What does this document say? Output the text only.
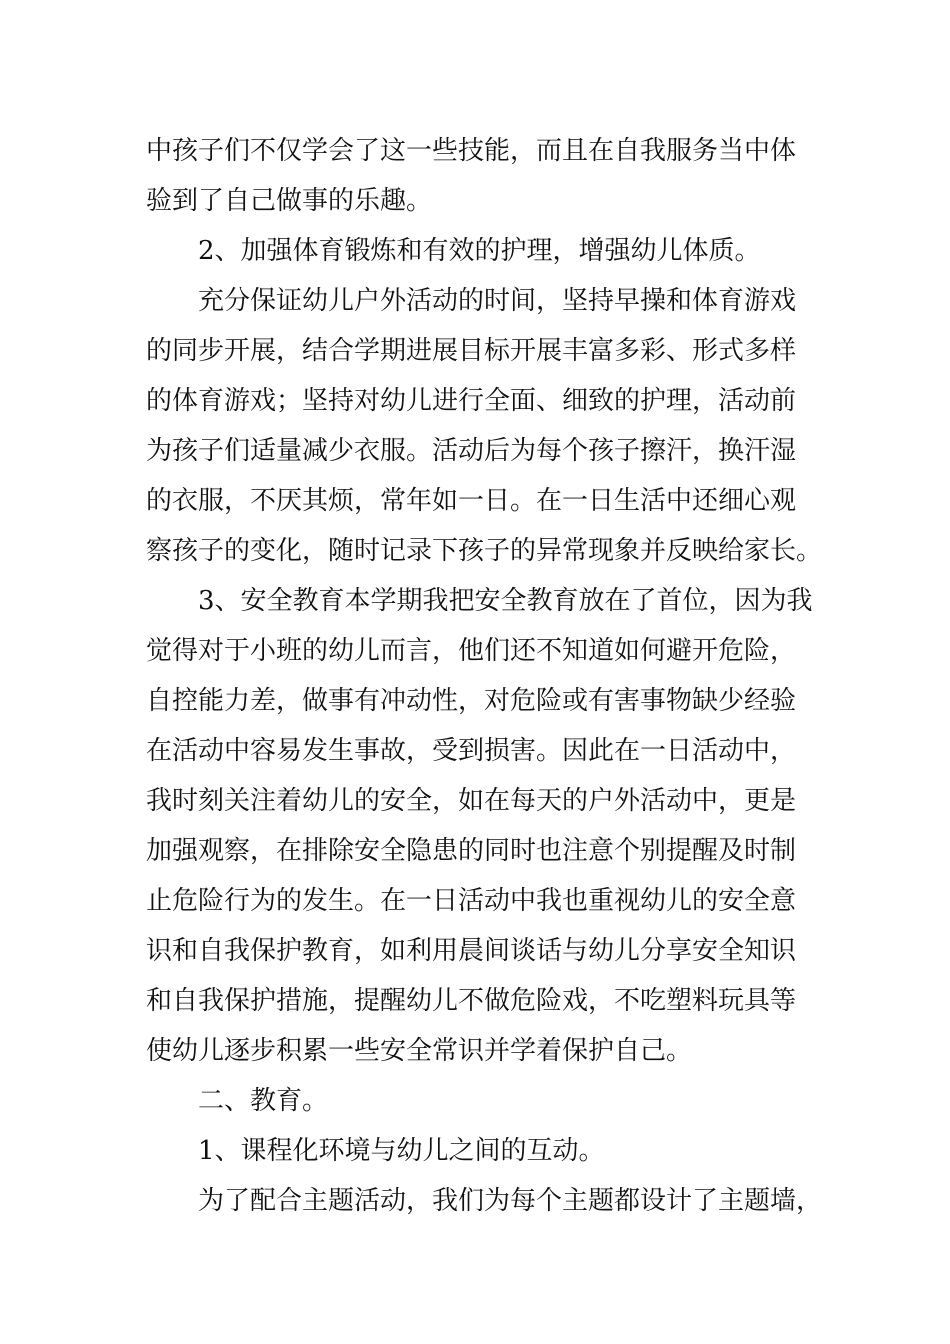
中孩子们不仅学会了这一些技能，而且在自我服务当中体

验到了自己做事的乐趣。

2、加强体育锻炼和有效的护理，增强幼儿体质。

充分保证幼儿户外活动的时间，坚持早操和体育游戏

的同步开展，结合学期进展目标开展丰富多彩、形式多样

的体育游戏；坚持对幼儿进行全面、细致的护理，活动前

为孩子们适量减少衣服。活动后为每个孩子擦汗，换汗湿

的衣服，不厌其烦，常年如一日。在一日生活中还细心观

察孩子的变化，随时记录下孩子的异常现象并反映给家长。

3、安全教育本学期我把安全教育放在了首位，因为我

觉得对于小班的幼儿而言，他们还不知道如何避开危险，

自控能力差，做事有冲动性，对危险或有害事物缺少经验

在活动中容易发生事故，受到损害。因此在一日活动中，

我时刻关注着幼儿的安全，如在每天的户外活动中，更是

加强观察，在排除安全隐患的同时也注意个别提醒及时制

止危险行为的发生。在一日活动中我也重视幼儿的安全意

识和自我保护教育，如利用晨间谈话与幼儿分享安全知识

和自我保护措施，提醒幼儿不做危险戏，不吃塑料玩具等

使幼儿逐步积累一些安全常识并学着保护自己。

二、教育。

1、课程化环境与幼儿之间的互动。

为了配合主题活动，我们为每个主题都设计了主题墙，
